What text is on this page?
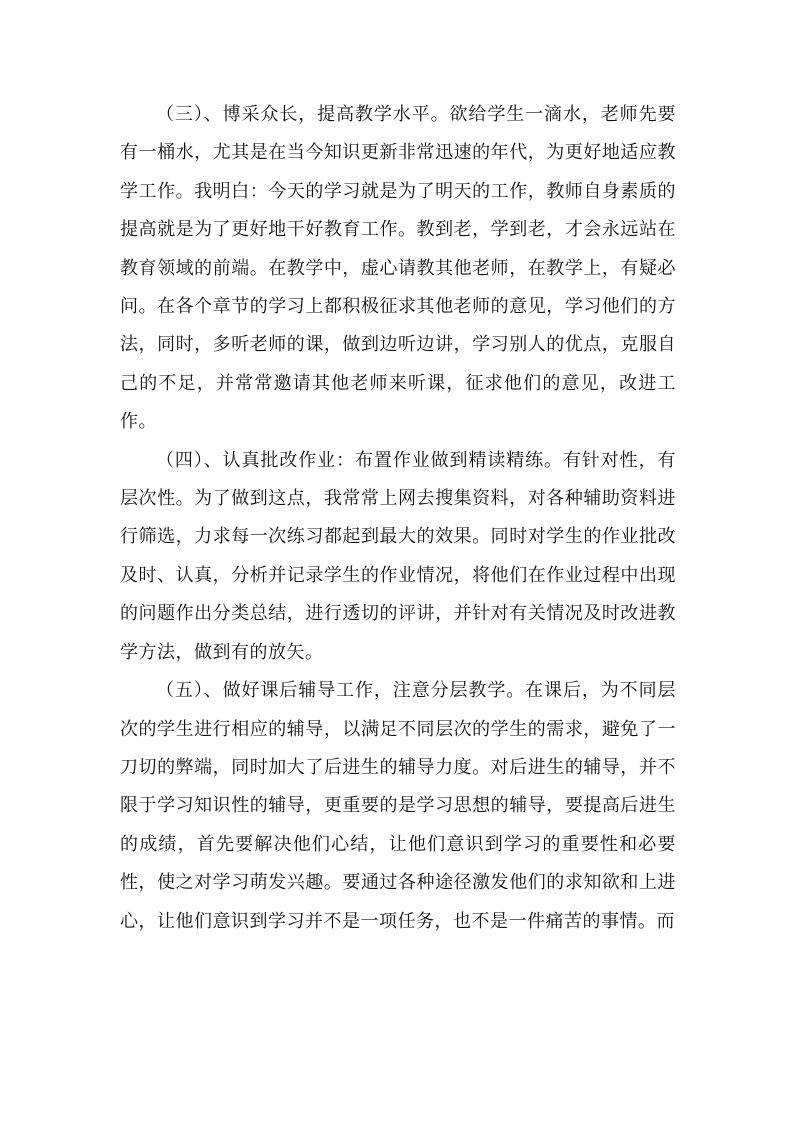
（三）、博采众长，提高教学水平。欲给学生一滴水，老师先要有一桶水，尤其是在当今知识更新非常迅速的年代，为更好地适应教学工作。我明白：今天的学习就是为了明天的工作，教师自身素质的提高就是为了更好地干好教育工作。教到老，学到老，才会永远站在教育领域的前端。在教学中，虚心请教其他老师，在教学上，有疑必问。在各个章节的学习上都积极征求其他老师的意见，学习他们的方法，同时，多听老师的课，做到边听边讲，学习别人的优点，克服自己的不足，并常常邀请其他老师来听课，征求他们的意见，改进工作。

（四）、认真批改作业：布置作业做到精读精练。有针对性，有层次性。为了做到这点，我常常上网去搜集资料，对各种辅助资料进行筛选，力求每一次练习都起到最大的效果。同时对学生的作业批改及时、认真，分析并记录学生的作业情况，将他们在作业过程中出现的问题作出分类总结，进行透切的评讲，并针对有关情况及时改进教学方法，做到有的放矢。

（五）、做好课后辅导工作，注意分层教学。在课后，为不同层次的学生进行相应的辅导，以满足不同层次的学生的需求，避免了一刀切的弊端，同时加大了后进生的辅导力度。对后进生的辅导，并不限于学习知识性的辅导，更重要的是学习思想的辅导，要提高后进生的成绩，首先要解决他们心结，让他们意识到学习的重要性和必要性，使之对学习萌发兴趣。要通过各种途径激发他们的求知欲和上进心，让他们意识到学习并不是一项任务，也不是一件痛苦的事情。而
